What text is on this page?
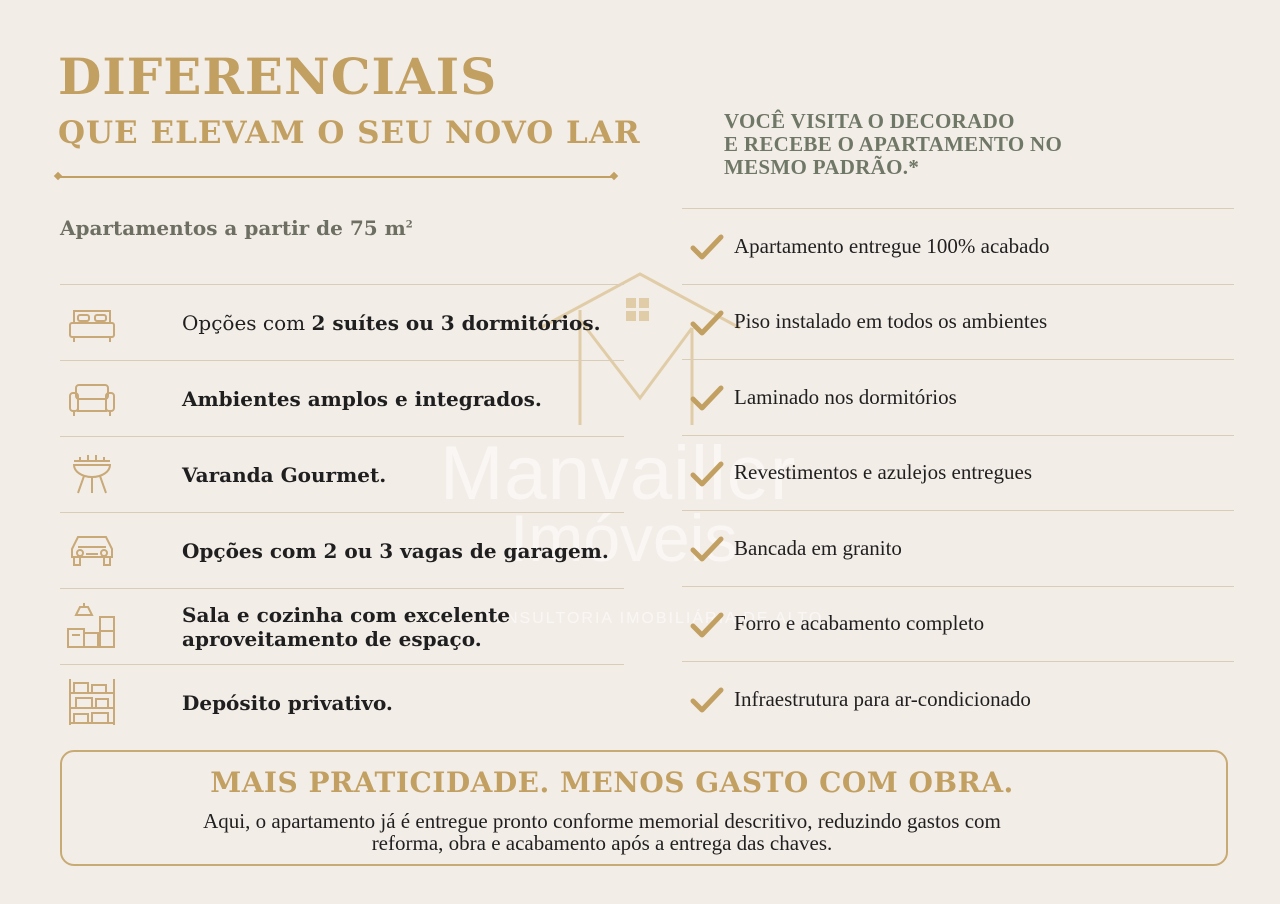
DIFERENCIAIS
QUE ELEVAM O SEU NOVO LAR
Apartamentos a partir de 75 $m^2$
VOCÊ VISITA O DECORADO
E RECEBE O APARTAMENTO NO
MESMO PADRÃO.*
Manvailler
Imóveis
CONSULTORIA IMOBILIÁRIA DE ALTO
Opções com 2 suítes ou 3 dormitórios.
Ambientes amplos e integrados.
Varanda Gourmet.
Opções com 2 ou 3 vagas de garagem.
Sala e cozinha com excelente
aproveitamento de espaço.
Depósito privativo.
Apartamento entregue 100% acabado
Piso instalado em todos os ambientes
Laminado nos dormitórios
Revestimentos e azulejos entregues
Bancada em granito
Forro e acabamento completo
Infraestrutura para ar-condicionado
MAIS PRATICIDADE. MENOS GASTO COM OBRA.
Aqui, o apartamento já é entregue pronto conforme memorial descritivo, reduzindo gastos com
reforma, obra e acabamento após a entrega das chaves.
